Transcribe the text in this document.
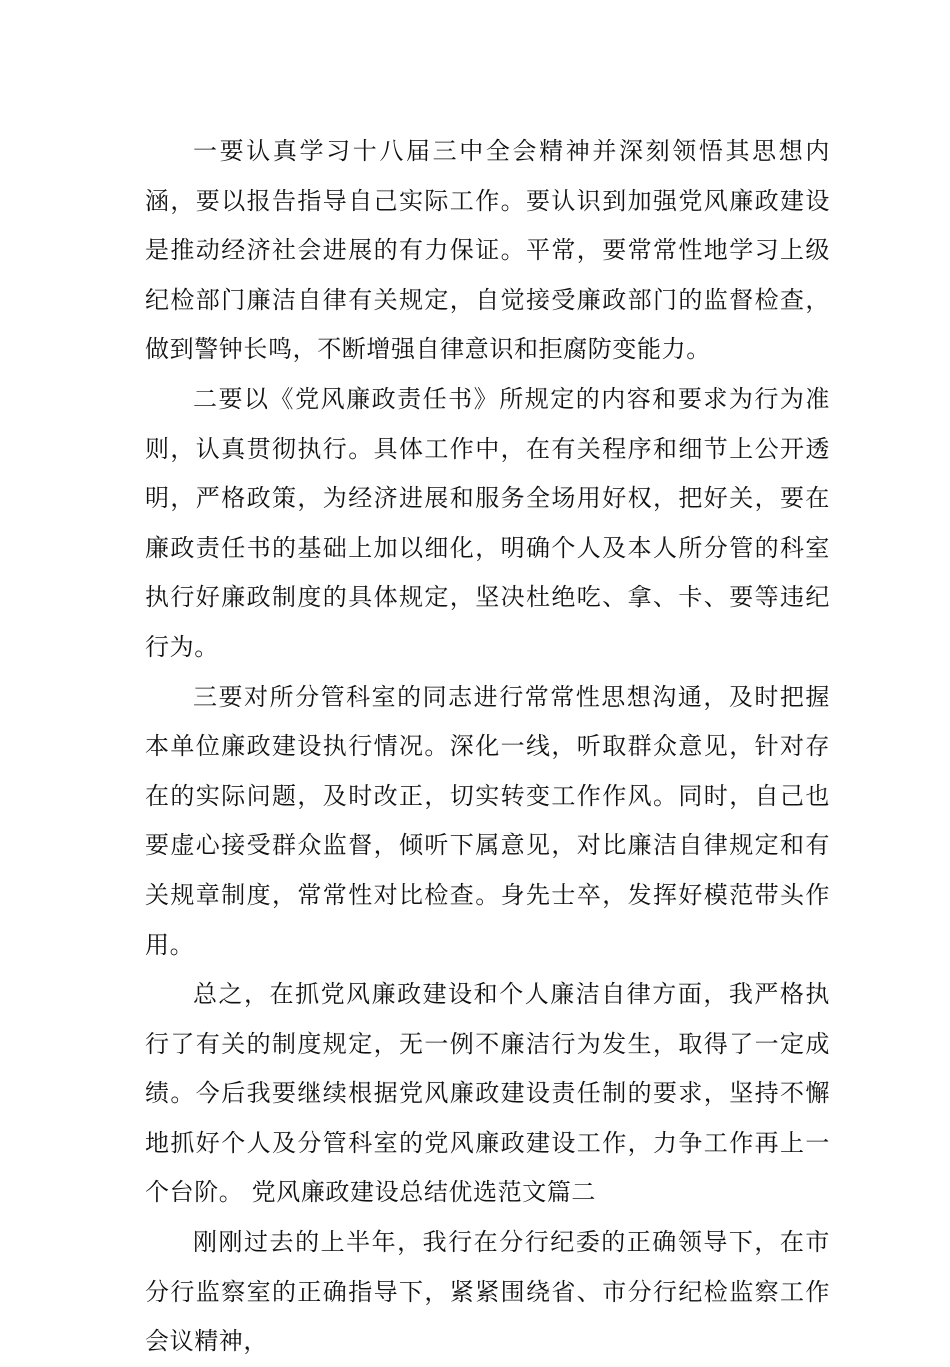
一要认真学习十八届三中全会精神并深刻领悟其思想内涵，要以报告指导自己实际工作。要认识到加强党风廉政建设是推动经济社会进展的有力保证。平常，要常常性地学习上级纪检部门廉洁自律有关规定，自觉接受廉政部门的监督检查，做到警钟长鸣，不断增强自律意识和拒腐防变能力。

二要以《党风廉政责任书》所规定的内容和要求为行为准则，认真贯彻执行。具体工作中，在有关程序和细节上公开透明，严格政策，为经济进展和服务全场用好权，把好关，要在廉政责任书的基础上加以细化，明确个人及本人所分管的科室执行好廉政制度的具体规定，坚决杜绝吃、拿、卡、要等违纪行为。

三要对所分管科室的同志进行常常性思想沟通，及时把握本单位廉政建设执行情况。深化一线，听取群众意见，针对存在的实际问题，及时改正，切实转变工作作风。同时，自己也要虚心接受群众监督，倾听下属意见，对比廉洁自律规定和有关规章制度，常常性对比检查。身先士卒，发挥好模范带头作用。

总之，在抓党风廉政建设和个人廉洁自律方面，我严格执行了有关的制度规定，无一例不廉洁行为发生，取得了一定成绩。今后我要继续根据党风廉政建设责任制的要求，坚持不懈地抓好个人及分管科室的党风廉政建设工作，力争工作再上一个台阶。 党风廉政建设总结优选范文篇二

刚刚过去的上半年，我行在分行纪委的正确领导下，在市分行监察室的正确指导下，紧紧围绕省、市分行纪检监察工作会议精神，
